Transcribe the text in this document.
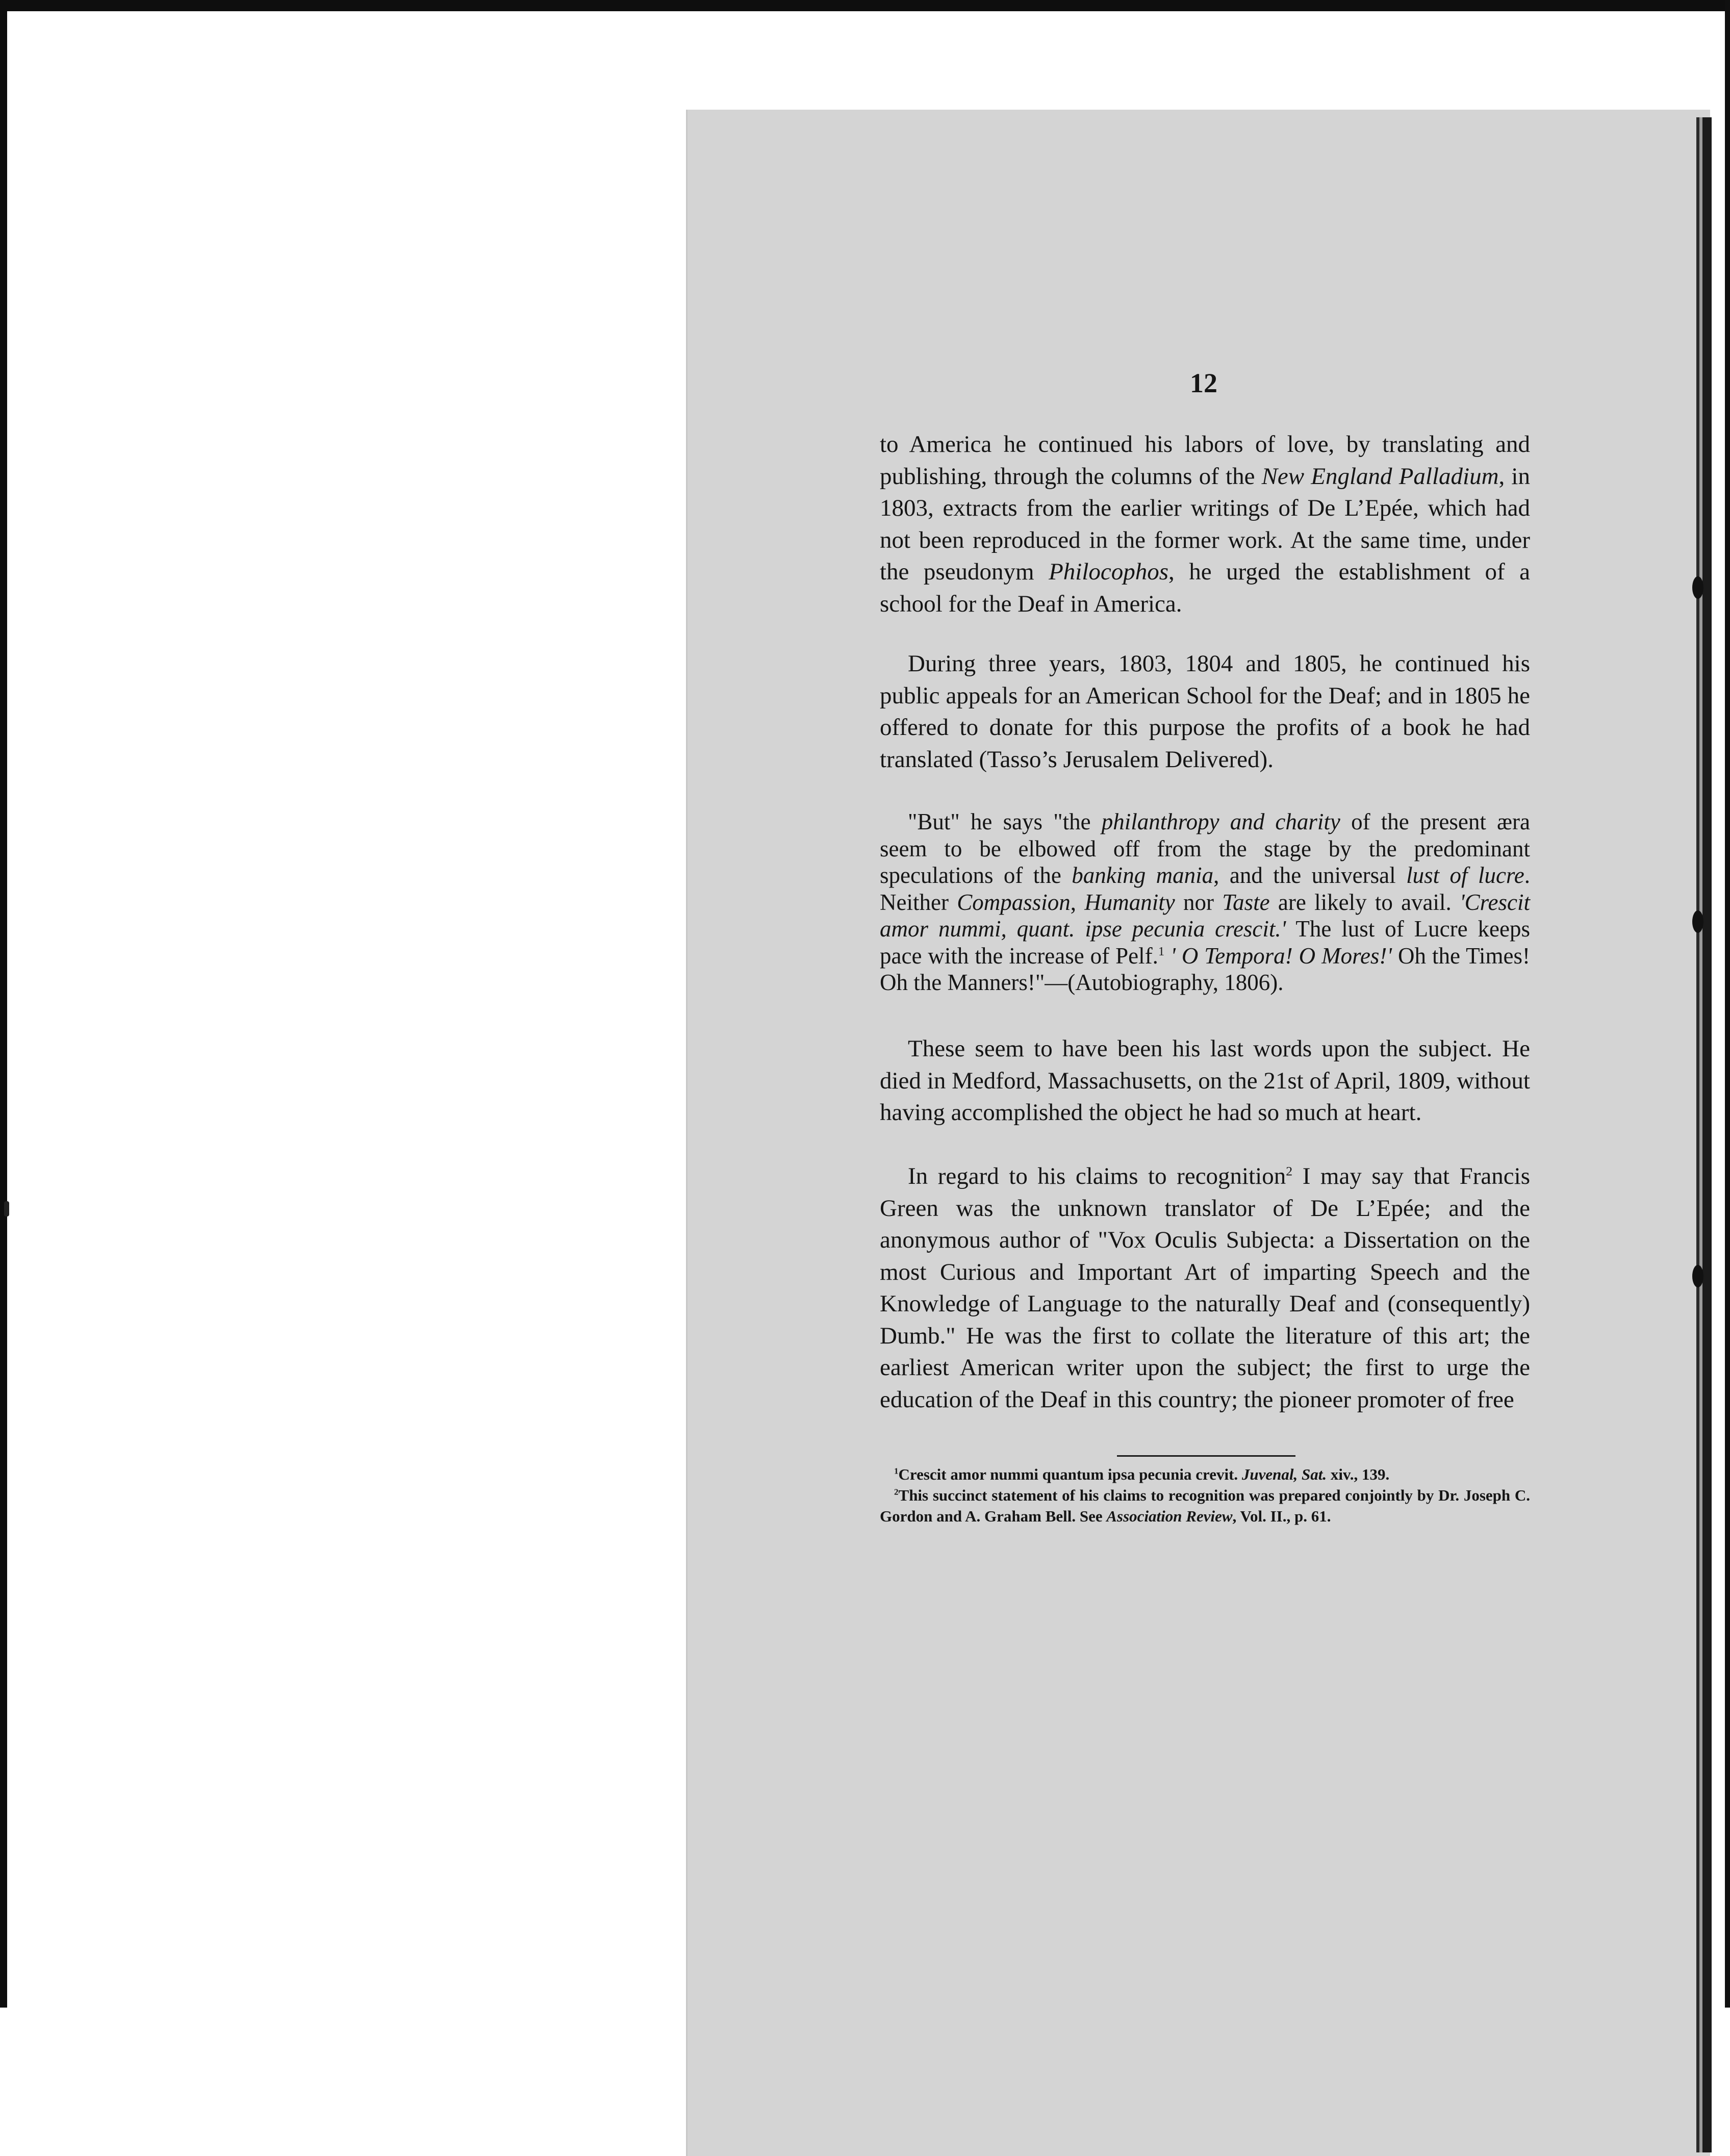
12

to America he continued his labors of love, by translating and publishing, through the columns of the New England Palladium, in 1803, extracts from the earlier writings of De L’Epée, which had not been reproduced in the former work. At the same time, under the pseudonym Philocophos, he urged the establishment of a school for the Deaf in America.

During three years, 1803, 1804 and 1805, he continued his public appeals for an American School for the Deaf; and in 1805 he offered to donate for this purpose the profits of a book he had translated (Tasso’s Jerusalem Delivered).

"But" he says "the philanthropy and charity of the present æra seem to be elbowed off from the stage by the predominant speculations of the banking mania, and the universal lust of lucre. Neither Compassion, Humanity nor Taste are likely to avail. 'Crescit amor nummi, quant. ipse pecunia crescit.' The lust of Lucre keeps pace with the increase of Pelf.$^1$ ' O Tempora! O Mores!' Oh the Times! Oh the Manners!"—(Autobiography, 1806).

These seem to have been his last words upon the subject. He died in Medford, Massachusetts, on the 21st of April, 1809, without having accomplished the object he had so much at heart.

In regard to his claims to recognition$^2$ I may say that Francis Green was the unknown translator of De L’Epée; and the anonymous author of "Vox Oculis Subjecta: a Dissertation on the most Curious and Important Art of imparting Speech and the Knowledge of Language to the naturally Deaf and (consequently) Dumb." He was the first to collate the literature of this art; the earliest American writer upon the subject; the first to urge the education of the Deaf in this country; the pioneer promoter of free

$^1$Crescit amor nummi quantum ipsa pecunia crevit. Juvenal, Sat. xiv., 139.

$^2$This succinct statement of his claims to recognition was prepared conjointly by Dr. Joseph C. Gordon and A. Graham Bell. See Association Review, Vol. II., p. 61.
